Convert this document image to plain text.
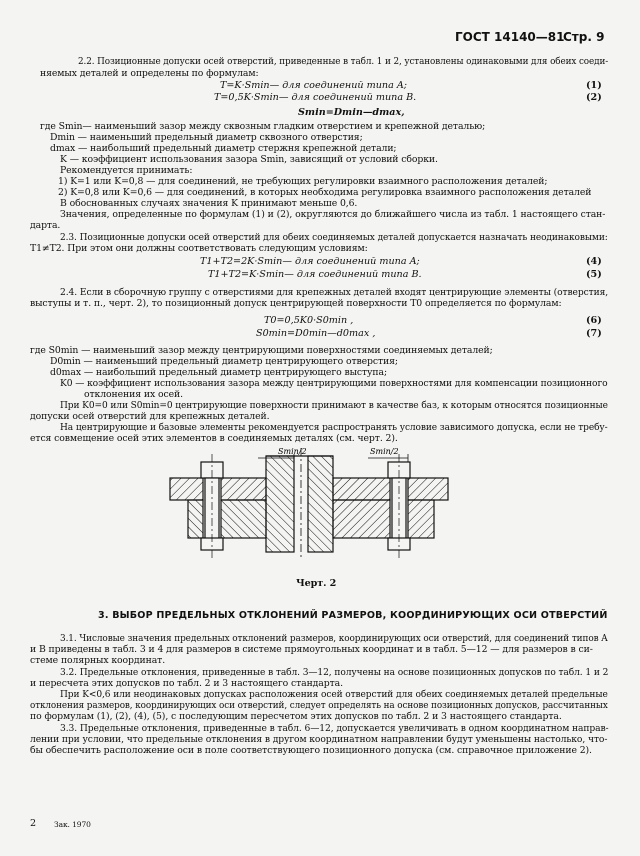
ГОСТ 14140—81
Стр. 9
2.2. Позиционные допуски осей отверстий, приведенные в табл. 1 и 2, установлены одинаковыми для обеих соеди-
няемых деталей и определены по формулам:
T=K·Smin— для соединений типа A;	(1)
T=0,5K·Smin— для соединений типа B.	(2)
Smin=Dmin—dmax,
где Smin— наименьший зазор между сквозным гладким отверстием и крепежной деталью;
Dmin — наименьший предельный диаметр сквозного отверстия;
dmax — наибольший предельный диаметр стержня крепежной детали;
K — коэффициент использования зазора Smin, зависящий от условий сборки.
Рекомендуется принимать:
1) K=1 или K=0,8 — для соединений, не требующих регулировки взаимного расположения деталей;
2) K=0,8 или K=0,6 — для соединений, в которых необходима регулировка взаимного расположения деталей
В обоснованных случаях значения K принимают меньше 0,6.
Значения, определенные по формулам (1) и (2), округляются до ближайшего числа из табл. 1 настоящего стан-
дарта.
2.3. Позиционные допуски осей отверстий для обеих соединяемых деталей допускается назначать неодинаковыми:
T1≠T2. При этом они должны соответствовать следующим условиям:
T1+T2=2K·Smin— для соединений типа A;	(4)
T1+T2=K·Smin— для соединений типа B.	(5)
2.4. Если в сборочную группу с отверстиями для крепежных деталей входят центрирующие элементы (отверстия,
выступы и т. п., черт. 2), то позиционный допуск центрирующей поверхности T0 определяется по формулам:
T0=0,5K0·S0min ,	(6)
S0min=D0min—d0max ,	(7)
где S0min — наименьший зазор между центрирующими поверхностями соединяемых деталей;
D0min — наименьший предельный диаметр центрирующего отверстия;
d0max — наибольший предельный диаметр центрирующего выступа;
K0 — коэффициент использования зазора между центрирующими поверхностями для компенсации позиционного
отклонения их осей.
При K0=0 или S0min=0 центрирующие поверхности принимают в качестве баз, к которым относятся позиционные
допуски осей отверстий для крепежных деталей.
На центрирующие и базовые элементы рекомендуется распространять условие зависимого допуска, если не требу-
ется совмещение осей этих элементов в соединяемых деталях (см. черт. 2).
Smin/2	Smin/2
Черт. 2
3. ВЫБОР ПРЕДЕЛЬНЫХ ОТКЛОНЕНИЙ РАЗМЕРОВ, КООРДИНИРУЮЩИХ ОСИ ОТВЕРСТИЙ
3.1. Числовые значения предельных отклонений размеров, координирующих оси отверстий, для соединений типов A
и B приведены в табл. 3 и 4 для размеров в системе прямоугольных координат и в табл. 5—12 — для размеров в си-
стеме полярных координат.
3.2. Предельные отклонения, приведенные в табл. 3—12, получены на основе позиционных допусков по табл. 1 и 2
и пересчета этих допусков по табл. 2 и 3 настоящего стандарта.
При K<0,6 или неодинаковых допусках расположения осей отверстий для обеих соединяемых деталей предельные
отклонения размеров, координирующих оси отверстий, следует определять на основе позиционных допусков, рассчитанных
по формулам (1), (2), (4), (5), с последующим пересчетом этих допусков по табл. 2 и 3 настоящего стандарта.
3.3. Предельные отклонения, приведенные в табл. 6—12, допускается увеличивать в одном координатном направ-
лении при условии, что предельные отклонения в другом координатном направлении будут уменьшены настолько, что-
бы обеспечить расположение оси в поле соответствующего позиционного допуска (см. справочное приложение 2).
2 Зак. 1970
